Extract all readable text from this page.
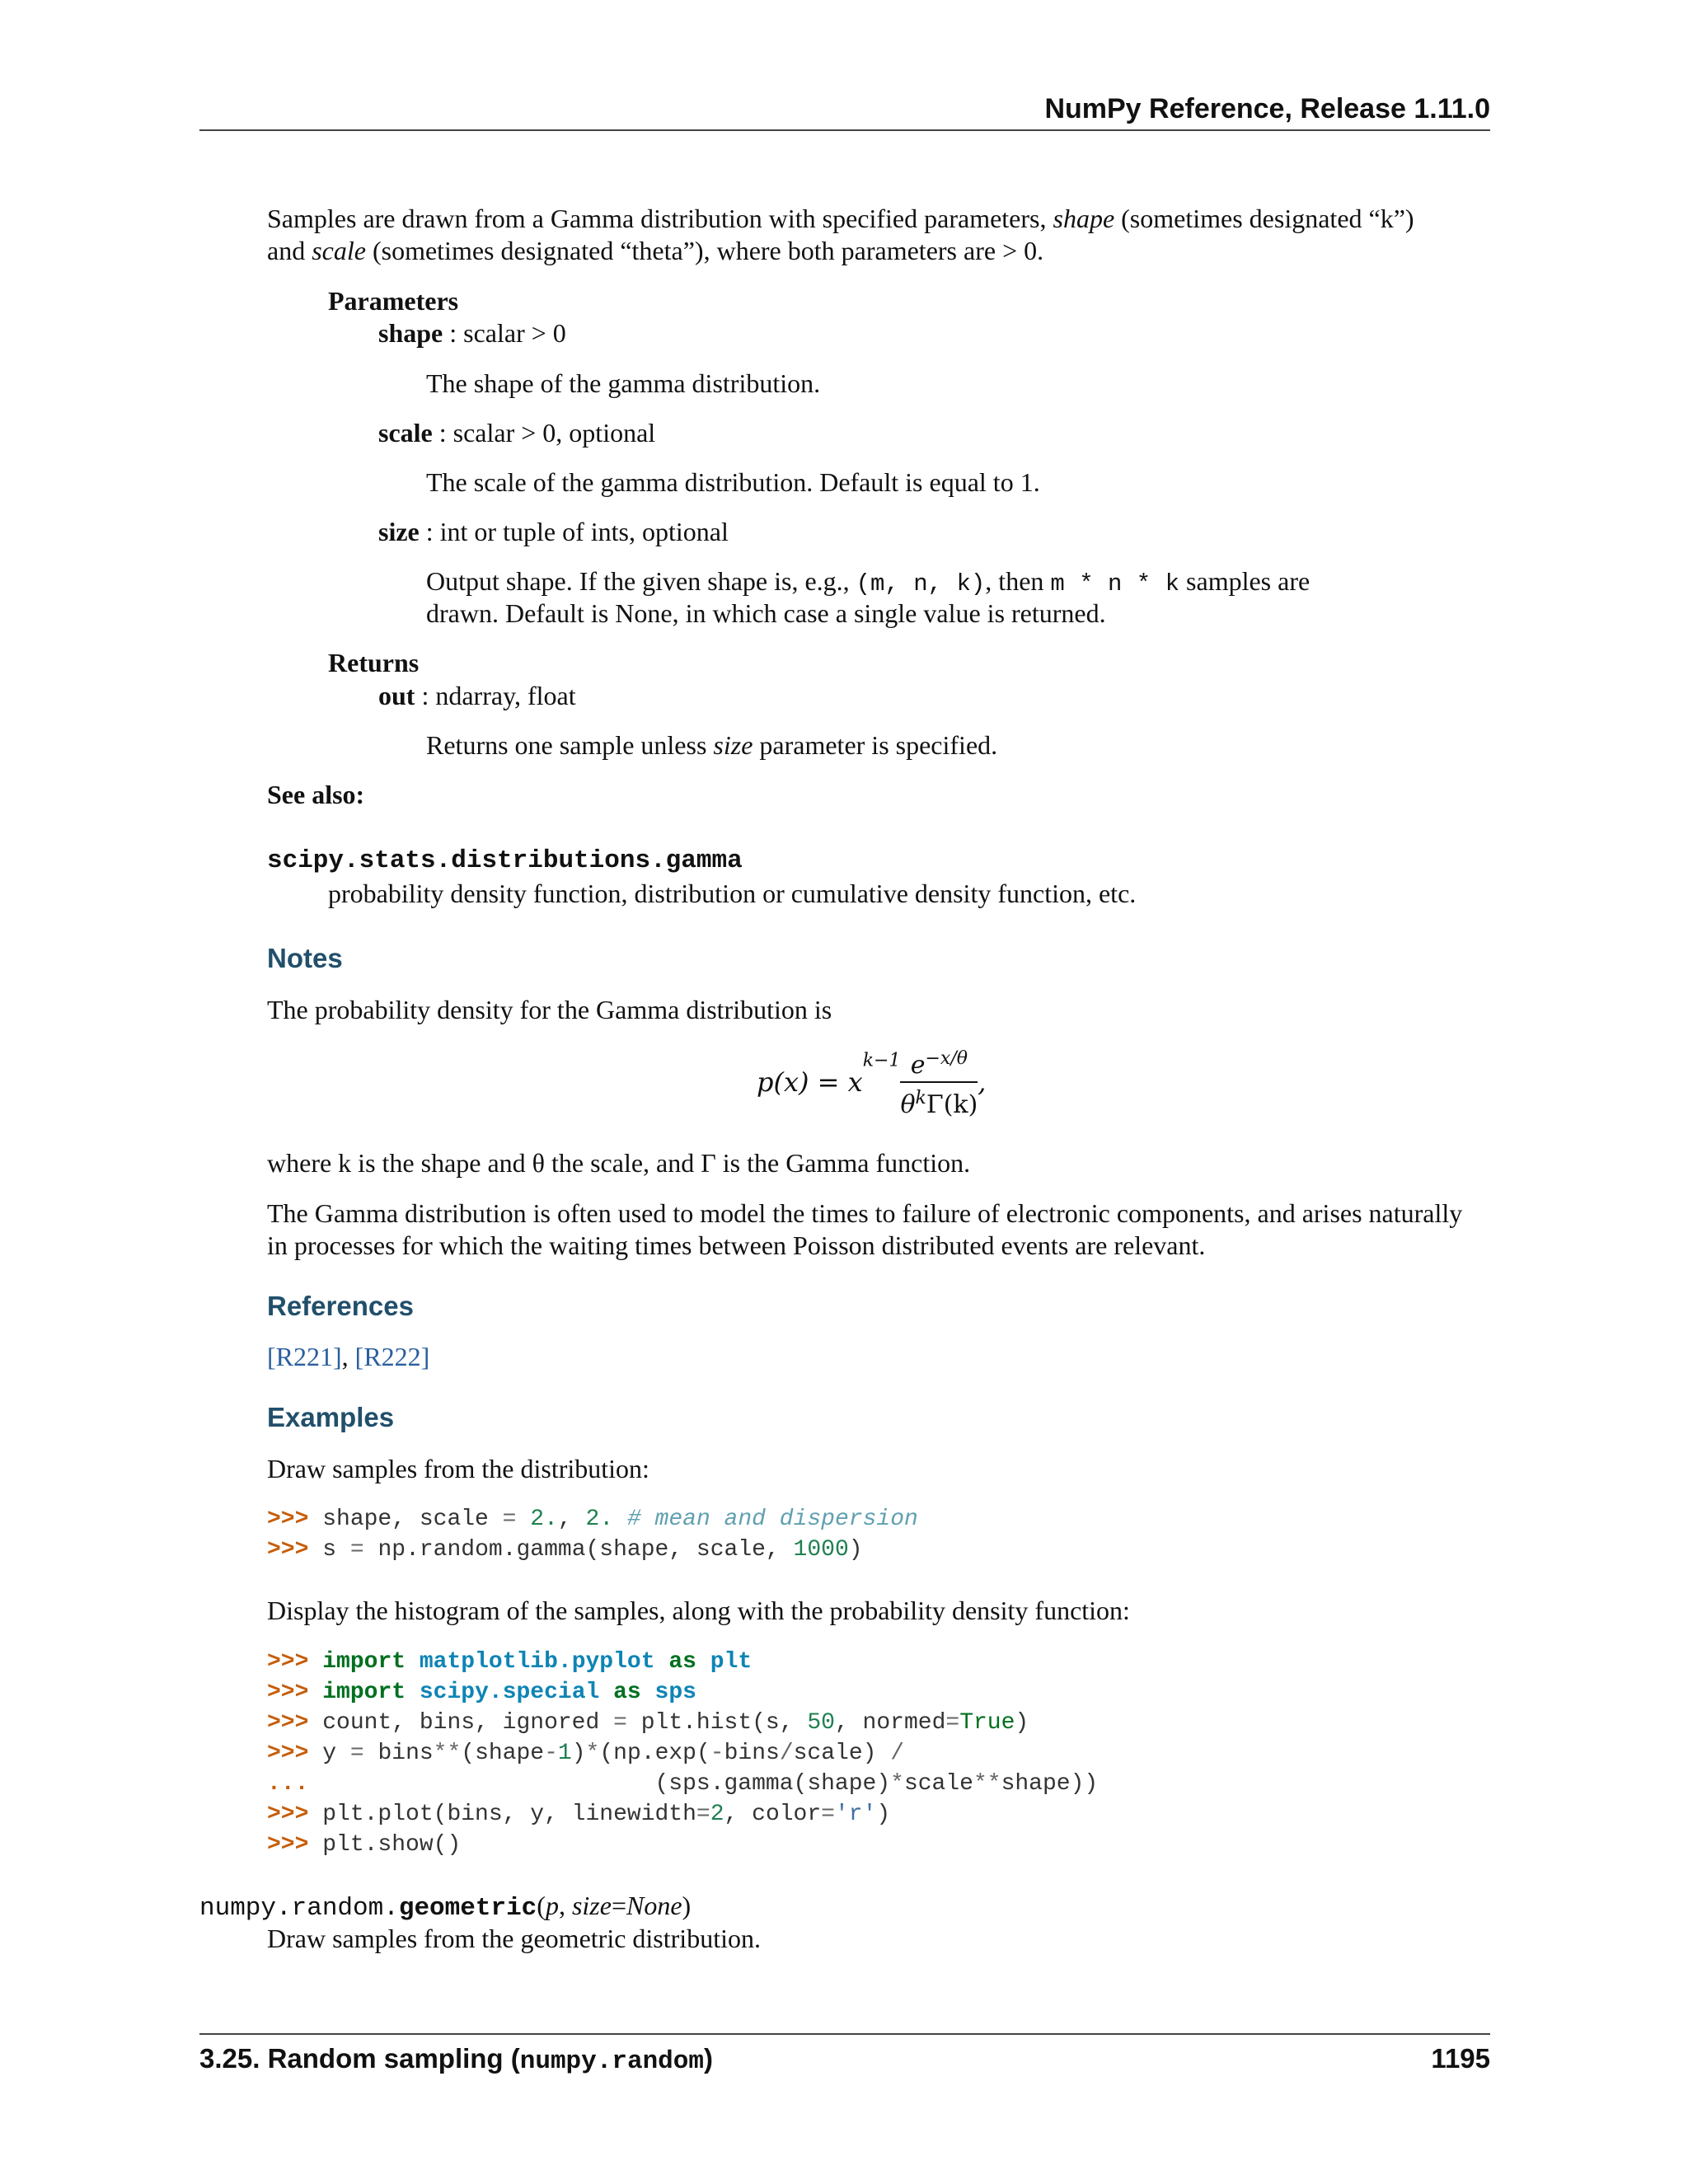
NumPy Reference, Release 1.11.0
Samples are drawn from a Gamma distribution with specified parameters, shape (sometimes designated “k”)
and scale (sometimes designated “theta”), where both parameters are > 0.
Parameters
shape : scalar > 0
The shape of the gamma distribution.
scale : scalar > 0, optional
The scale of the gamma distribution. Default is equal to 1.
size : int or tuple of ints, optional
Output shape. If the given shape is, e.g., (m, n, k), then m * n * k samples are
drawn. Default is None, in which case a single value is returned.
Returns
out : ndarray, float
Returns one sample unless size parameter is specified.
See also:
scipy.stats.distributions.gamma
probability density function, distribution or cumulative density function, etc.
Notes
The probability density for the Gamma distribution is
$p(x) = x^{k-1} \frac{e^{-x/\theta}}{\theta^k\Gamma(k)}$ ,
where k is the shape and θ the scale, and Γ is the Gamma function.
The Gamma distribution is often used to model the times to failure of electronic components, and arises naturally
in processes for which the waiting times between Poisson distributed events are relevant.
References
[R221], [R222]
Examples
Draw samples from the distribution:
>>> shape, scale = 2., 2. # mean and dispersion
>>> s = np.random.gamma(shape, scale, 1000)
Display the histogram of the samples, along with the probability density function:
>>> import matplotlib.pyplot as plt
>>> import scipy.special as sps
>>> count, bins, ignored = plt.hist(s, 50, normed=True)
>>> y = bins**(shape-1)*(np.exp(-bins/scale) /
...                         (sps.gamma(shape)*scale**shape))
>>> plt.plot(bins, y, linewidth=2, color='r')
>>> plt.show()
numpy.random.geometric(p, size=None)
Draw samples from the geometric distribution.
3.25. Random sampling (numpy.random)	1195
